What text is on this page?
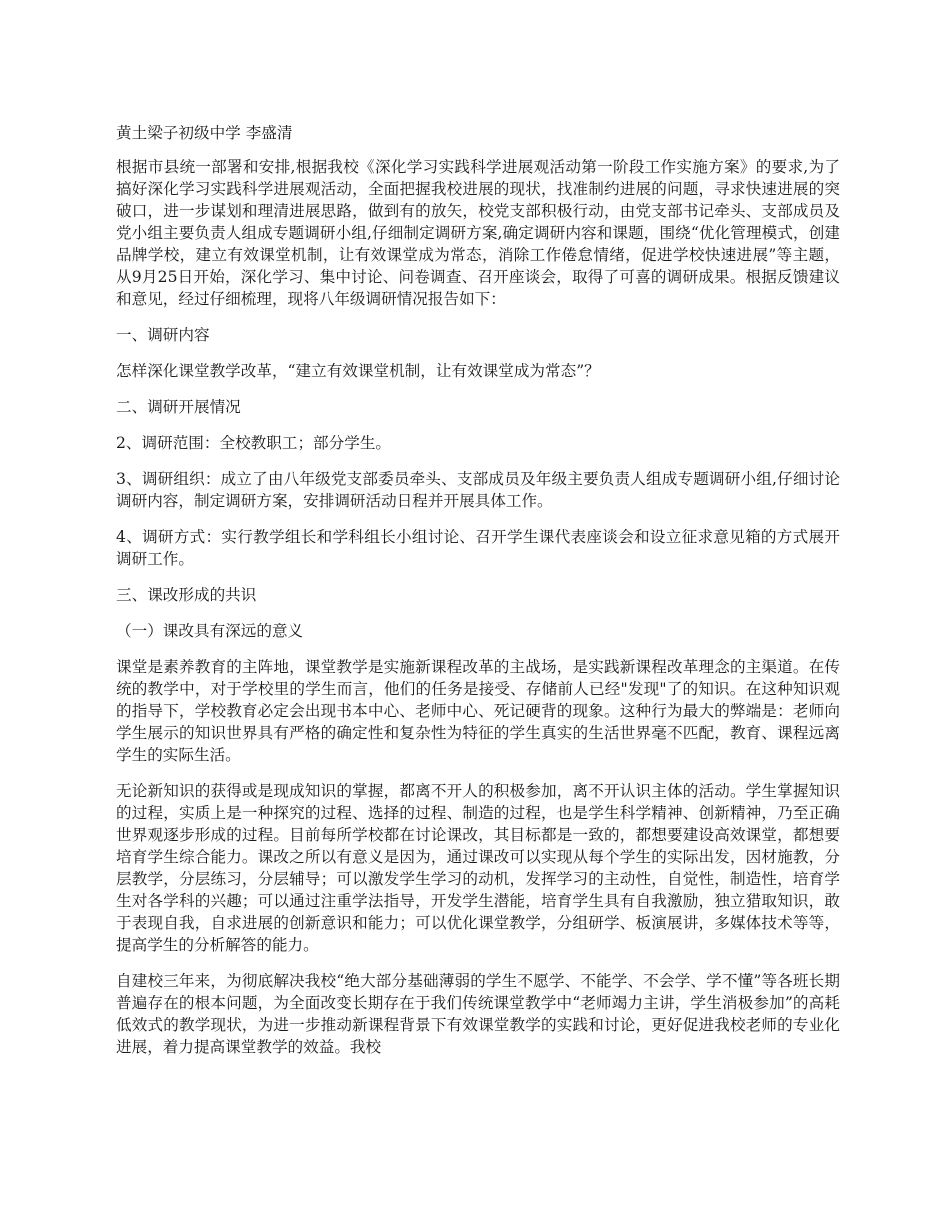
黄土梁子初级中学 李盛清
根据市县统一部署和安排,根据我校《深化学习实践科学进展观活动第一阶段工作实施方案》的要求,为了搞好深化学习实践科学进展观活动，全面把握我校进展的现状，找准制约进展的问题，寻求快速进展的突破口，进一步谋划和理清进展思路，做到有的放矢，校党支部积极行动，由党支部书记牵头、支部成员及党小组主要负责人组成专题调研小组,仔细制定调研方案,确定调研内容和课题，围绕“优化管理模式，创建品牌学校，建立有效课堂机制，让有效课堂成为常态，消除工作倦怠情绪，促进学校快速进展”等主题，从9月25日开始，深化学习、集中讨论、问卷调查、召开座谈会，取得了可喜的调研成果。根据反馈建议和意见，经过仔细梳理，现将八年级调研情况报告如下：
一、调研内容
怎样深化课堂教学改革，“建立有效课堂机制，让有效课堂成为常态”？
二、调研开展情况
2、调研范围：全校教职工；部分学生。
3、调研组织：成立了由八年级党支部委员牵头、支部成员及年级主要负责人组成专题调研小组,仔细讨论调研内容，制定调研方案，安排调研活动日程并开展具体工作。
4、调研方式：实行教学组长和学科组长小组讨论、召开学生课代表座谈会和设立征求意见箱的方式展开调研工作。
三、课改形成的共识
（一）课改具有深远的意义
课堂是素养教育的主阵地，课堂教学是实施新课程改革的主战场，是实践新课程改革理念的主渠道。在传统的教学中，对于学校里的学生而言，他们的任务是接受、存储前人已经"发现"了的知识。在这种知识观的指导下，学校教育必定会出现书本中心、老师中心、死记硬背的现象。这种行为最大的弊端是：老师向学生展示的知识世界具有严格的确定性和复杂性为特征的学生真实的生活世界毫不匹配，教育、课程远离学生的实际生活。
无论新知识的获得或是现成知识的掌握，都离不开人的积极参加，离不开认识主体的活动。学生掌握知识的过程，实质上是一种探究的过程、选择的过程、制造的过程，也是学生科学精神、创新精神，乃至正确世界观逐步形成的过程。目前每所学校都在讨论课改，其目标都是一致的，都想要建设高效课堂，都想要培育学生综合能力。课改之所以有意义是因为，通过课改可以实现从每个学生的实际出发，因材施教，分层教学，分层练习，分层辅导；可以激发学生学习的动机，发挥学习的主动性，自觉性，制造性，培育学生对各学科的兴趣；可以通过注重学法指导，开发学生潜能，培育学生具有自我激励，独立猎取知识，敢于表现自我，自求进展的创新意识和能力；可以优化课堂教学，分组研学、板演展讲，多媒体技术等等，提高学生的分析解答的能力。
自建校三年来，为彻底解决我校“绝大部分基础薄弱的学生不愿学、不能学、不会学、学不懂”等各班长期普遍存在的根本问题，为全面改变长期存在于我们传统课堂教学中“老师竭力主讲，学生消极参加”的高耗低效式的教学现状，为进一步推动新课程背景下有效课堂教学的实践和讨论，更好促进我校老师的专业化进展，着力提高课堂教学的效益。我校
